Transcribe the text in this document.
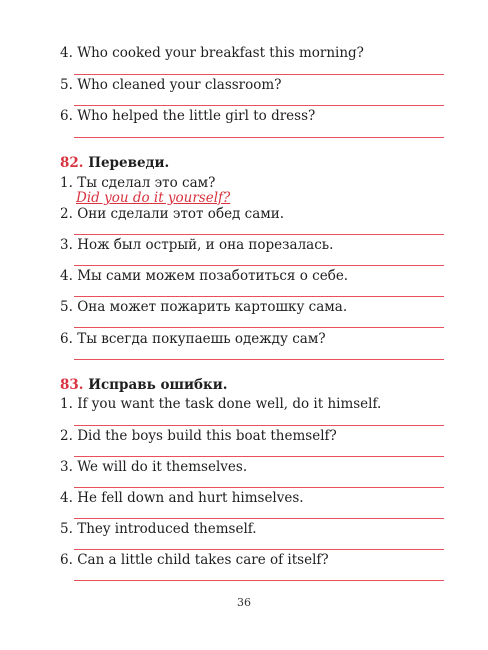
4. Who cooked your breakfast this morning?
5. Who cleaned your classroom?
6. Who helped the little girl to dress?
82. Переведи.
1. Ты сделал это сам?
Did you do it yourself?
2. Они сделали этот обед сами.
3. Нож был острый, и она порезалась.
4. Мы сами можем позаботиться о себе.
5. Она может пожарить картошку сама.
6. Ты всегда покупаешь одежду сам?
83. Исправь ошибки.
1. If you want the task done well, do it himself.
2. Did the boys build this boat themself?
3. We will do it themselves.
4. He fell down and hurt himselves.
5. They introduced themself.
6. Can a little child takes care of itself?
36
